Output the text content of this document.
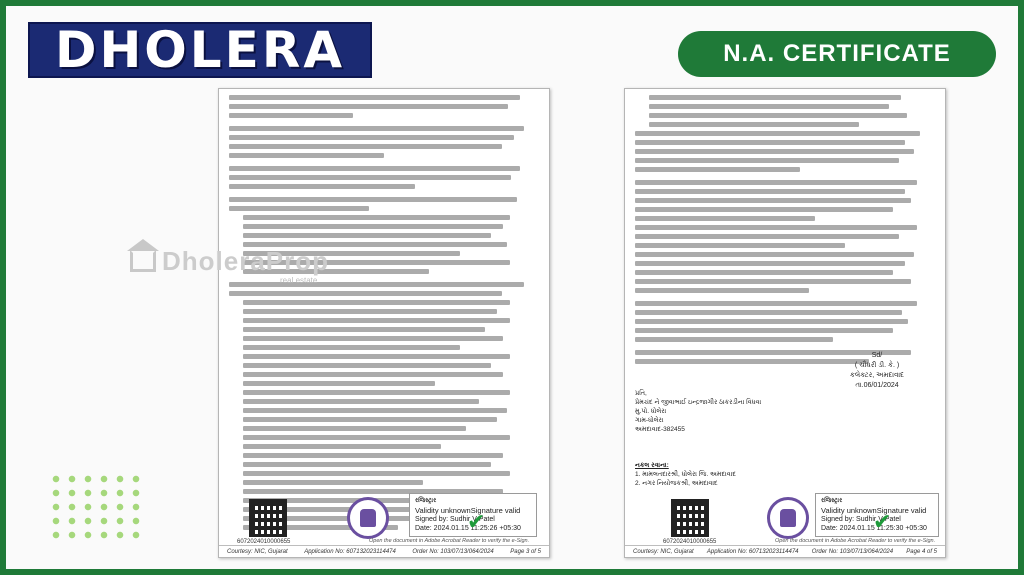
DHOLERA	N.A. CERTIFICATE
6072024010000655
રજિસ્ટ્રાર
Validity unknownSignature valid
Signed by: Sudhir V Patel
Date: 2024.01.15 11:25:26 +05:30
✔
Open the document in Adobe Acrobat Reader to verify the e-Sign.
Courtesy: NIC, Gujarat	Application No: 607132023114474	Order No: 103/07/13/064/2024	Page 3 of 5
Sd/
( ચૌધરી ડી. કે. )
કલેક્ટર, અમદાવાદ
તા.06/01/2024
પ્રતિ,
પ્રેમચંદ ને જીવાભાઈ ઇન્દ્રજાગીર ઠાકરડીના વિધવા
મુ.પો. ધોલેરા
ગામ-ધોલેરા
અમદાવાદ-382455
નકલ રવાના:
1. મામલતદારશ્રી, ધોલેરા જિ. અમદાવાદ
2. નગર નિયોજકશ્રી, અમદાવાદ
6072024010000655
રજિસ્ટ્રાર
Validity unknownSignature valid
Signed by: Sudhir V Patel
Date: 2024.01.15 11:25:30 +05:30
✔
Open the document in Adobe Acrobat Reader to verify the e-Sign.
Courtesy: NIC, Gujarat Application No: 607132023114474 Order No: 103/07/13/064/2024 Page 4 of 5
DholeraProp
real estate
